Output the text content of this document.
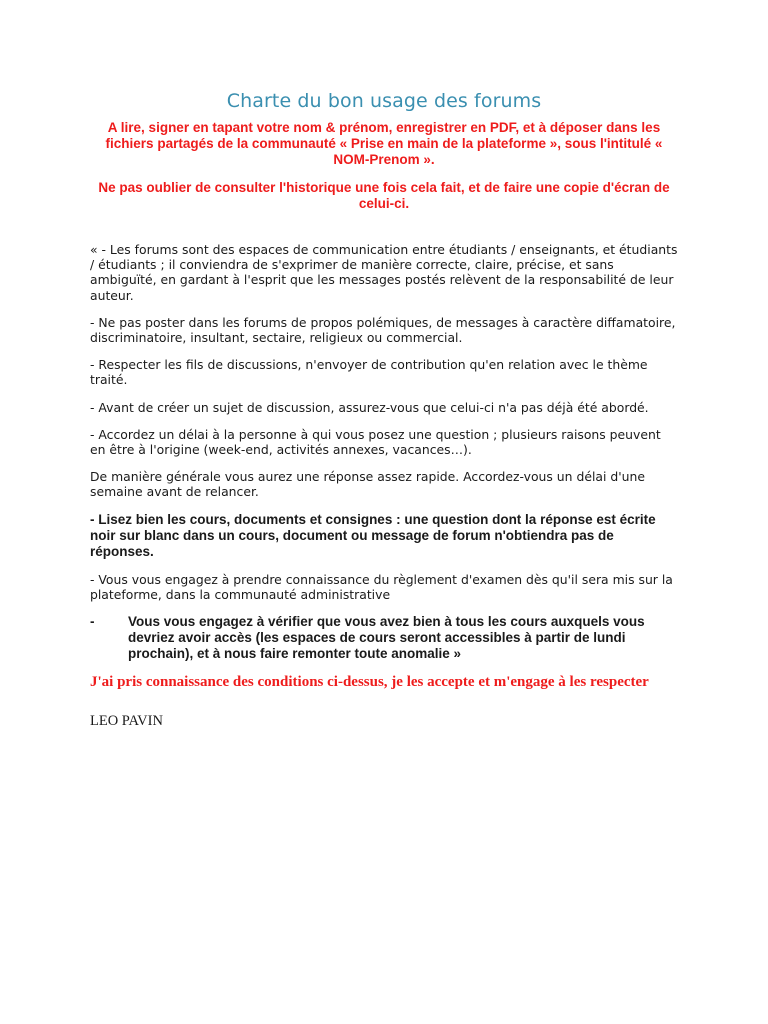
Charte du bon usage des forums

A lire, signer en tapant votre nom & prénom, enregistrer en PDF, et à déposer dans les fichiers partagés de la communauté « Prise en main de la plateforme », sous l'intitulé « NOM-Prenom ».

Ne pas oublier de consulter l'historique une fois cela fait, et de faire une copie d'écran de celui-ci.

« - Les forums sont des espaces de communication entre étudiants / enseignants, et étudiants / étudiants ; il conviendra de s'exprimer de manière correcte, claire, précise, et sans ambiguïté, en gardant à l'esprit que les messages postés relèvent de la responsabilité de leur auteur.

- Ne pas poster dans les forums de propos polémiques, de messages à caractère diffamatoire, discriminatoire, insultant, sectaire, religieux ou commercial.

- Respecter les fils de discussions, n'envoyer de contribution qu'en relation avec le thème traité.

- Avant de créer un sujet de discussion, assurez-vous que celui-ci n'a pas déjà été abordé.

- Accordez un délai à la personne à qui vous posez une question ; plusieurs raisons peuvent en être à l'origine (week-end, activités annexes, vacances…).

De manière générale vous aurez une réponse assez rapide. Accordez-vous un délai d'une semaine avant de relancer.

- Lisez bien les cours, documents et consignes : une question dont la réponse est écrite noir sur blanc dans un cours, document ou message de forum n'obtiendra pas de réponses.

- Vous vous engagez à prendre connaissance du règlement d'examen dès qu'il sera mis sur la plateforme, dans la communauté administrative

-	Vous vous engagez à vérifier que vous avez bien à tous les cours auxquels vous devriez avoir accès (les espaces de cours seront accessibles à partir de lundi prochain), et à nous faire remonter toute anomalie »

J'ai pris connaissance des conditions ci-dessus, je les accepte et m'engage à les respecter

LEO PAVIN
